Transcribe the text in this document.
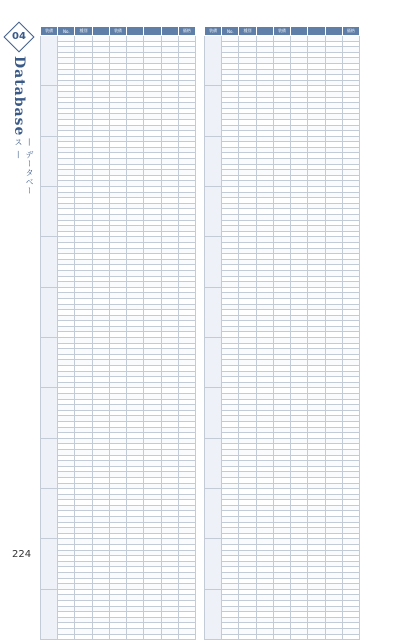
04
Database
— データベース —
装備	No.	種別		装備				価格

								装備	No.	種別		装備				価格

224
